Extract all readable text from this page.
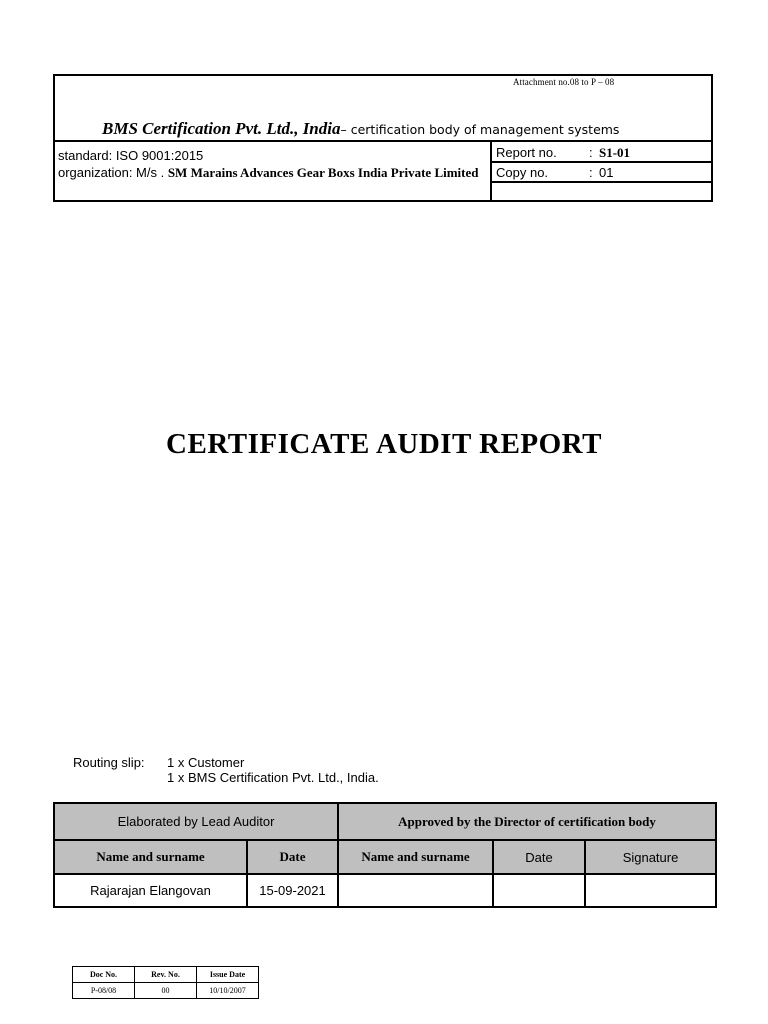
Attachment no.08 to P – 08
BMS Certification Pvt. Ltd., India– certification body of management systems
standard: ISO 9001:2015
organization: M/s . SM Marains Advances Gear Boxs India Private Limited
Report no. : S1-01
Copy no.	: 01
CERTIFICATE AUDIT REPORT
Routing slip: 1 x Customer
1 x BMS Certification Pvt. Ltd., India.
Elaborated by Lead Auditor		Approved by the Director of certification body		
Name and surname	Date	Name and surname	Date	Signature
Rajarajan Elangovan	15-09-2021			
Doc No.	Rev. No.	Issue Date
P-08/08	00	10/10/2007
